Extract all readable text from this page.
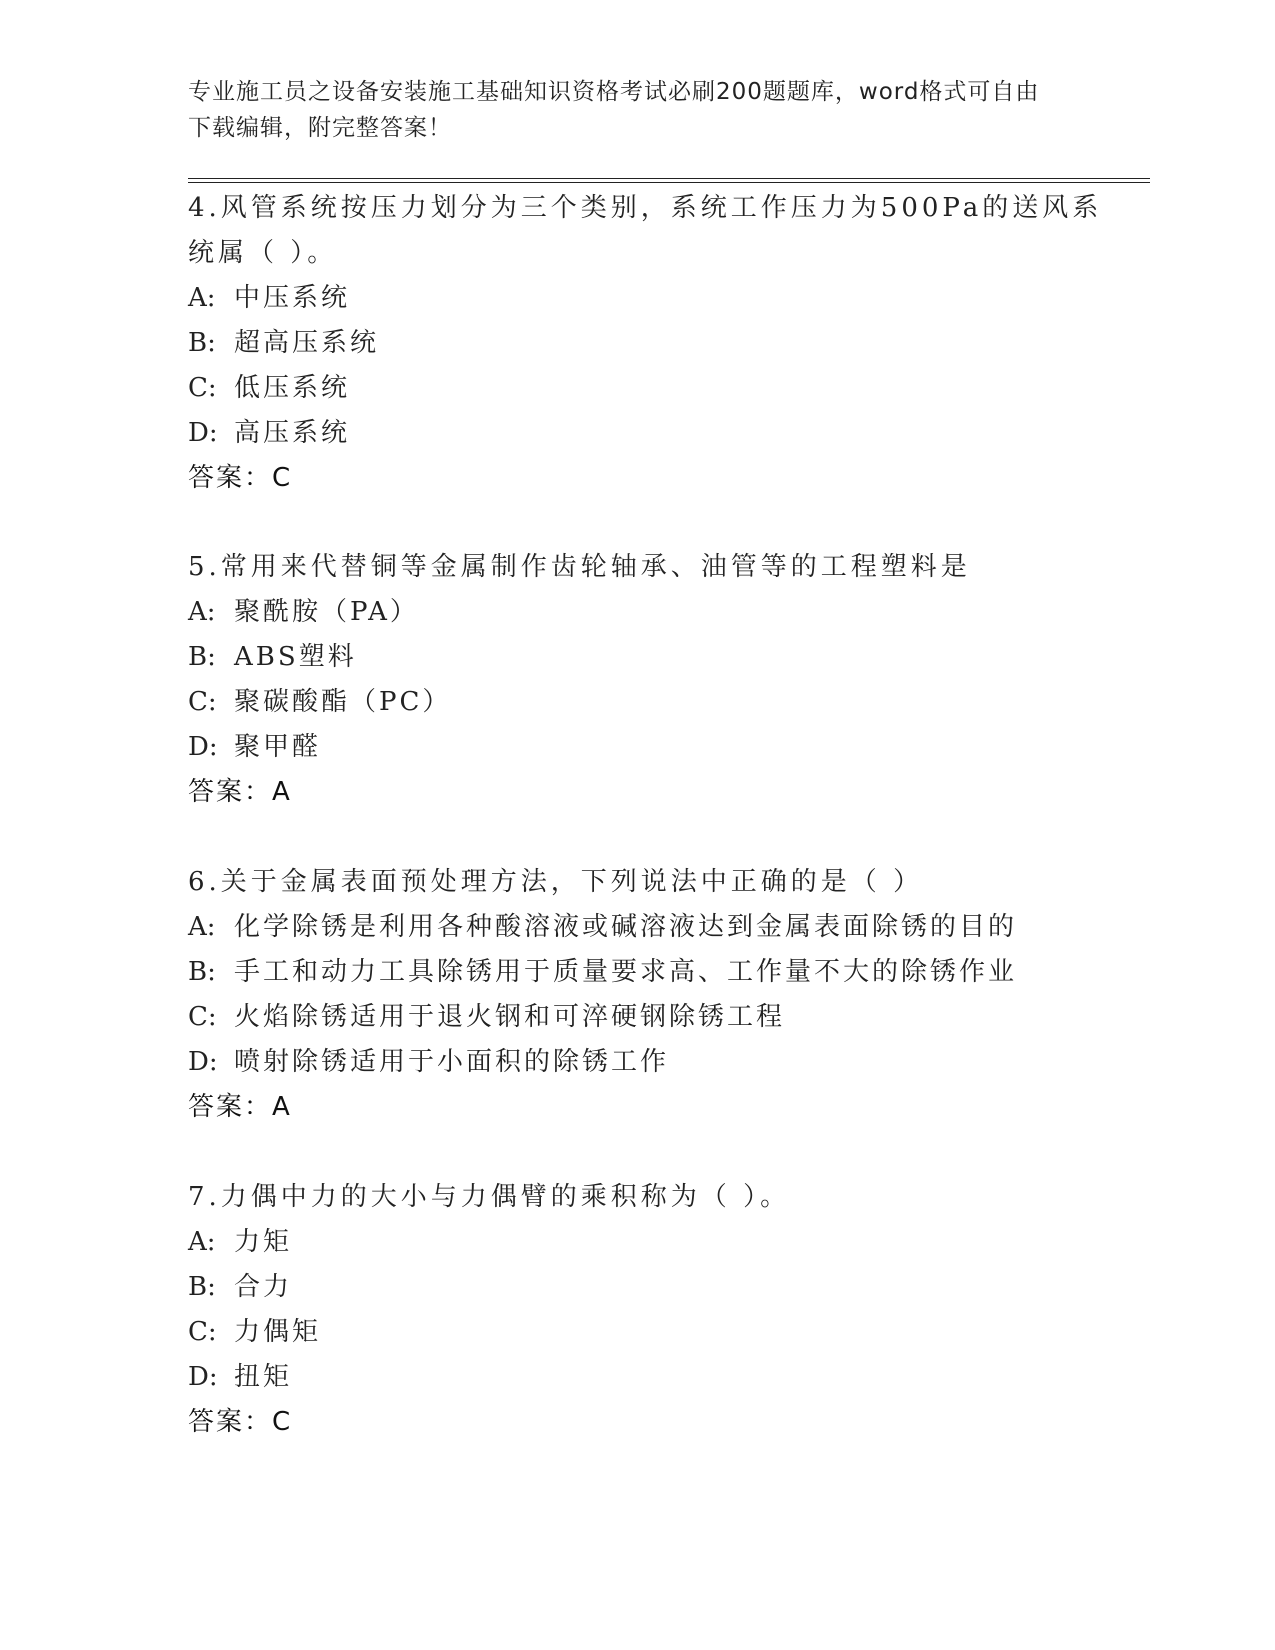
专业施工员之设备安装施工基础知识资格考试必刷200题题库，word格式可自由
下载编辑，附完整答案！
4.风管系统按压力划分为三个类别，系统工作压力为500Pa的送风系
统属（ ）。
A: 中压系统
B: 超高压系统
C: 低压系统
D: 高压系统
答案：C
5.常用来代替铜等金属制作齿轮轴承、油管等的工程塑料是
A: 聚酰胺（PA）
B: ABS塑料
C: 聚碳酸酯（PC）
D: 聚甲醛
答案：A
6.关于金属表面预处理方法，下列说法中正确的是（ ）
A: 化学除锈是利用各种酸溶液或碱溶液达到金属表面除锈的目的
B: 手工和动力工具除锈用于质量要求高、工作量不大的除锈作业
C: 火焰除锈适用于退火钢和可淬硬钢除锈工程
D: 喷射除锈适用于小面积的除锈工作
答案：A
7.力偶中力的大小与力偶臂的乘积称为（ ）。
A: 力矩
B: 合力
C: 力偶矩
D: 扭矩
答案：C
